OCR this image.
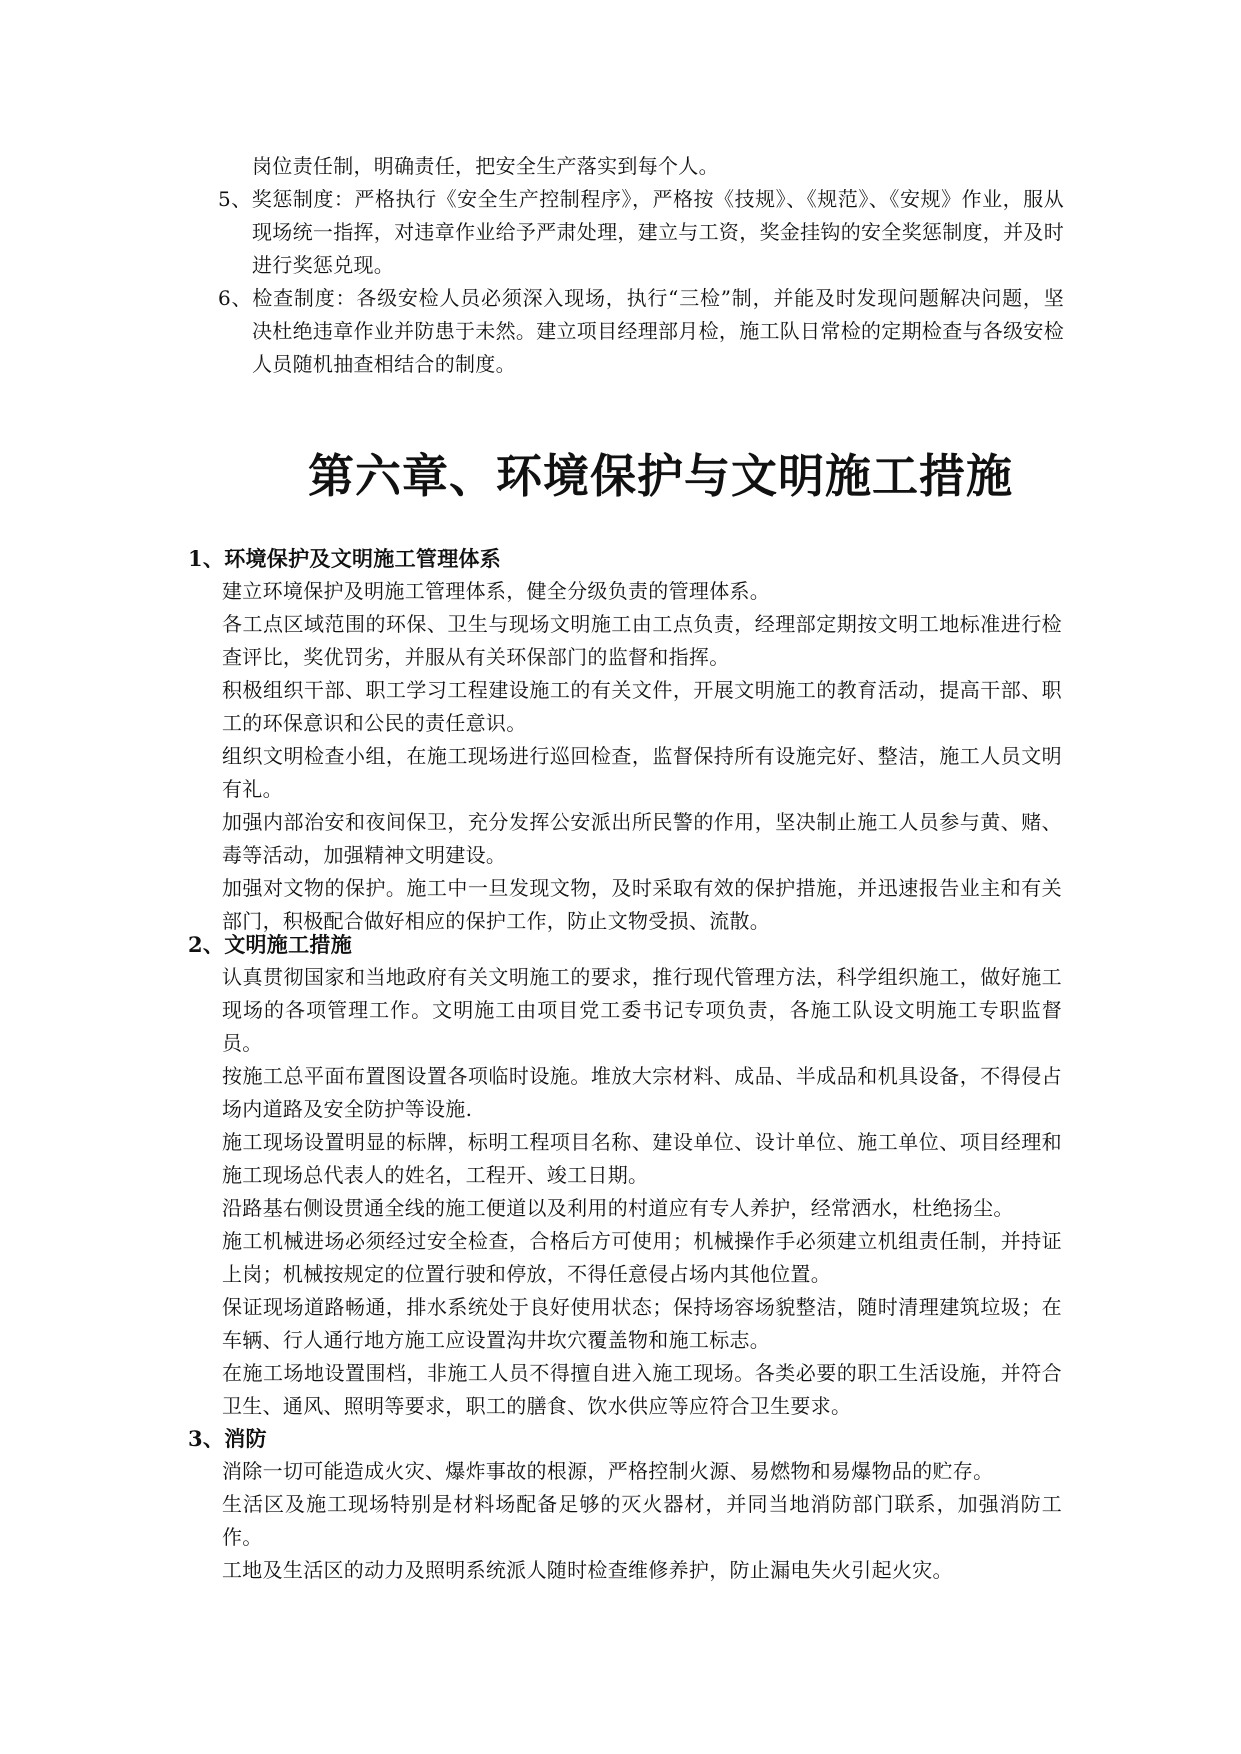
岗位责任制，明确责任，把安全生产落实到每个人。
5、奖惩制度：严格执行《安全生产控制程序》，严格按《技规》、《规范》、《安规》作业，服从现场统一指挥，对违章作业给予严肃处理，建立与工资，奖金挂钩的安全奖惩制度，并及时进行奖惩兑现。
6、检查制度：各级安检人员必须深入现场，执行“三检”制，并能及时发现问题解决问题，坚决杜绝违章作业并防患于未然。建立项目经理部月检，施工队日常检的定期检查与各级安检人员随机抽查相结合的制度。
第六章、环境保护与文明施工措施
1、环境保护及文明施工管理体系

建立环境保护及明施工管理体系，健全分级负责的管理体系。

各工点区域范围的环保、卫生与现场文明施工由工点负责，经理部定期按文明工地标准进行检查评比，奖优罚劣，并服从有关环保部门的监督和指挥。

积极组织干部、职工学习工程建设施工的有关文件，开展文明施工的教育活动，提高干部、职工的环保意识和公民的责任意识。

组织文明检查小组，在施工现场进行巡回检查，监督保持所有设施完好、整洁，施工人员文明有礼。

加强内部治安和夜间保卫，充分发挥公安派出所民警的作用，坚决制止施工人员参与黄、赌、毒等活动，加强精神文明建设。

加强对文物的保护。施工中一旦发现文物，及时采取有效的保护措施，并迅速报告业主和有关部门，积极配合做好相应的保护工作，防止文物受损、流散。

2、文明施工措施

认真贯彻国家和当地政府有关文明施工的要求，推行现代管理方法，科学组织施工，做好施工现场的各项管理工作。文明施工由项目党工委书记专项负责，各施工队设文明施工专职监督员。

按施工总平面布置图设置各项临时设施。堆放大宗材料、成品、半成品和机具设备，不得侵占场内道路及安全防护等设施.

施工现场设置明显的标牌，标明工程项目名称、建设单位、设计单位、施工单位、项目经理和施工现场总代表人的姓名，工程开、竣工日期。

沿路基右侧设贯通全线的施工便道以及利用的村道应有专人养护，经常洒水，杜绝扬尘。

施工机械进场必须经过安全检查，合格后方可使用；机械操作手必须建立机组责任制，并持证上岗；机械按规定的位置行驶和停放，不得任意侵占场内其他位置。

保证现场道路畅通，排水系统处于良好使用状态；保持场容场貌整洁，随时清理建筑垃圾；在车辆、行人通行地方施工应设置沟井坎穴覆盖物和施工标志。

在施工场地设置围档，非施工人员不得擅自进入施工现场。各类必要的职工生活设施，并符合卫生、通风、照明等要求，职工的膳食、饮水供应等应符合卫生要求。

3、消防

消除一切可能造成火灾、爆炸事故的根源，严格控制火源、易燃物和易爆物品的贮存。

生活区及施工现场特别是材料场配备足够的灭火器材，并同当地消防部门联系，加强消防工作。

工地及生活区的动力及照明系统派人随时检查维修养护，防止漏电失火引起火灾。
